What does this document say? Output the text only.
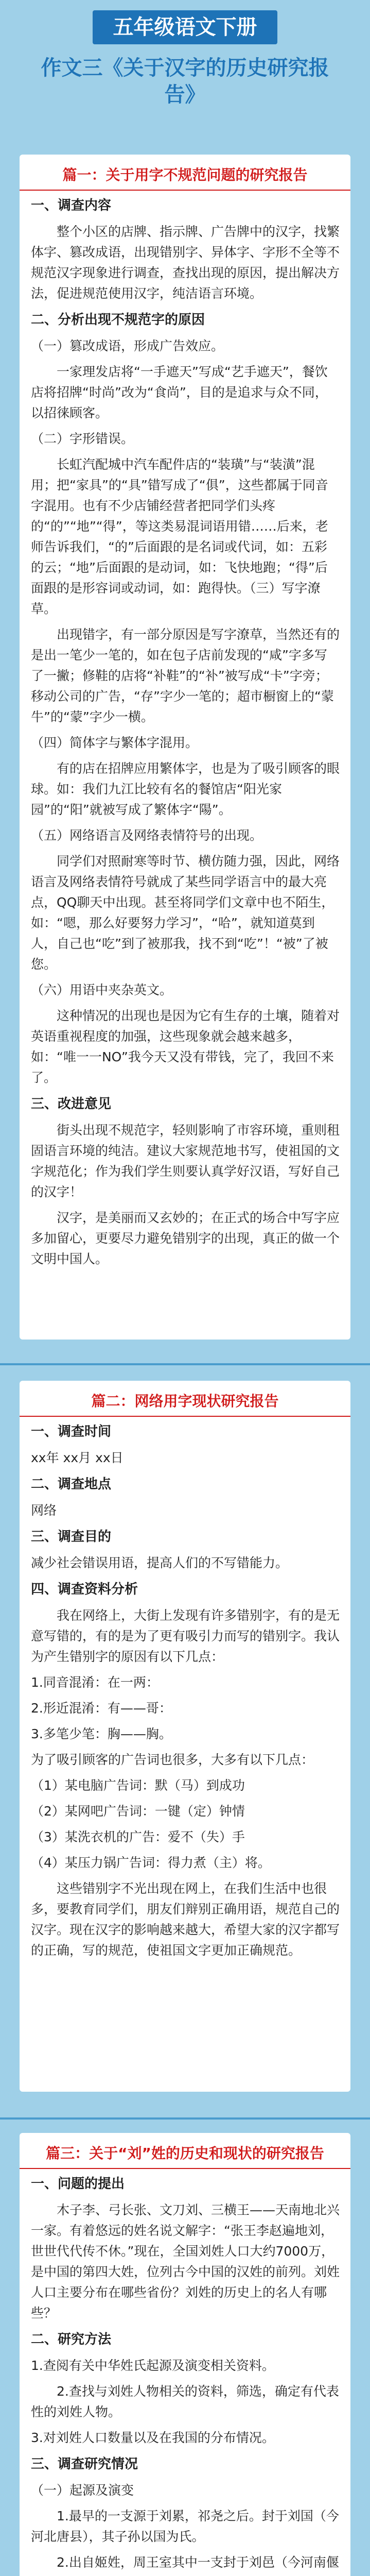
五年级语文下册
作文三《关于汉字的历史研究报告》
篇一：关于用字不规范问题的研究报告
一、调查内容
整个小区的店牌、指示牌、广告牌中的汉字，找繁体字、篡改成语，出现错别字、异体字、字形不全等不规范汉字现象进行调查，查找出现的原因，提出解决方法，促进规范使用汉字，纯洁语言环境。
二、分析出现不规范字的原因
（一）篡改成语，形成广告效应。
一家理发店将“一手遮天”写成“艺手遮天”，餐饮店将招牌“时尚”改为“食尚”，目的是追求与众不同，以招徕顾客。
（二）字形错误。
长虹汽配城中汽车配件店的“装璜”与“装潢”混用；把“家具”的“具”错写成了“俱”，这些都属于同音字混用。也有不少店铺经营者把同学们头疼的“的”“地”“得”，等这类易混词语用错……后来，老师告诉我们，“的”后面跟的是名词或代词，如：五彩的云；“地”后面跟的是动词，如：飞快地跑；“得”后面跟的是形容词或动词，如：跑得快。（三）写字潦草。
出现错字，有一部分原因是写字潦草，当然还有的是出一笔少一笔的，如在包子店前发现的“咸”字多写了一撇；修鞋的店将“补鞋”的“补”被写成“卡”字旁；移动公司的广告，“存”字少一笔的；超市橱窗上的“蒙牛”的“蒙”字少一横。
（四）简体字与繁体字混用。
有的店在招牌应用繁体字，也是为了吸引顾客的眼球。如：我们九江比较有名的餐馆店“阳光家园”的“阳”就被写成了繁体字“陽”。
（五）网络语言及网络表情符号的出现。
同学们对照耐寒等时节、横仿随力强，因此，网络语言及网络表情符号就成了某些同学语言中的最大亮点，QQ聊天中出现。甚至将同学们文章中也不陌生，如：“嗯，那么好要努力学习”，“哈”，就知道莫到人，自己也“吃”到了被那我，找不到“吃”！“被”了被您。
（六）用语中夹杂英文。
这种情况的出现也是因为它有生存的土壤，随着对英语重视程度的加强，这些现象就会越来越多，如：“唯一一NO”我今天又没有带钱，完了，我回不来了。
三、改进意见
街头出现不规范字，轻则影响了市容环境，重则租固语言环境的纯洁。建议大家规范地书写，使祖国的文字规范化；作为我们学生则要认真学好汉语，写好自己的汉字！
汉字，是美丽而又玄妙的；在正式的场合中写字应多加留心，更要尽力避免错别字的出现，真正的做一个文明中国人。
篇二：网络用字现状研究报告
一、调查时间
xx年 xx月 xx日
二、调查地点
网络
三、调查目的
减少社会错误用语，提高人们的不写错能力。
四、调查资料分析
我在网络上，大街上发现有许多错别字，有的是无意写错的，有的是为了更有吸引力而写的错别字。我认为产生错别字的原因有以下几点：
1.同音混淆：在一两：
2.形近混淆：有——哥：
3.多笔少笔：胸——胸。
为了吸引顾客的广告词也很多，大多有以下几点：
（1）某电脑广告词：默（马）到成功
（2）某网吧广告词：一键（定）钟情
（3）某洗衣机的广告：爱不（失）手
（4）某压力锅广告词：得力煮（主）将。
这些错别字不光出现在网上，在我们生活中也很多，要教育同学们，朋友们辩别正确用语，规范自己的汉字。现在汉字的影响越来越大，希望大家的汉字都写的正确，写的规范，使祖国文字更加正确规范。
篇三：关于“刘”姓的历史和现状的研究报告
一、问题的提出
木子李、弓长张、文刀刘、三横王——天南地北兴一家。有着悠远的姓名说文解字：“张王李赵遍地刘，世世代代传不休。”现在，全国刘姓人口大约7000万，是中国的第四大姓，位列古今中国的汉姓的前列。刘姓人口主要分布在哪些省份？刘姓的历史上的名人有哪些？
二、研究方法
1.查阅有关中华姓氏起源及演变相关资料。
2.查找与刘姓人物相关的资料，筛选，确定有代表性的刘姓人物。
3.对刘姓人口数量以及在我国的分布情况。
三、调查研究情况
（一）起源及演变
1.最早的一支源于刘累，祁尧之后。封于刘国（今河北唐县），其子孙以国为氏。
2.出自姬姓，周王室其中一支封于刘邑（今河南偃
